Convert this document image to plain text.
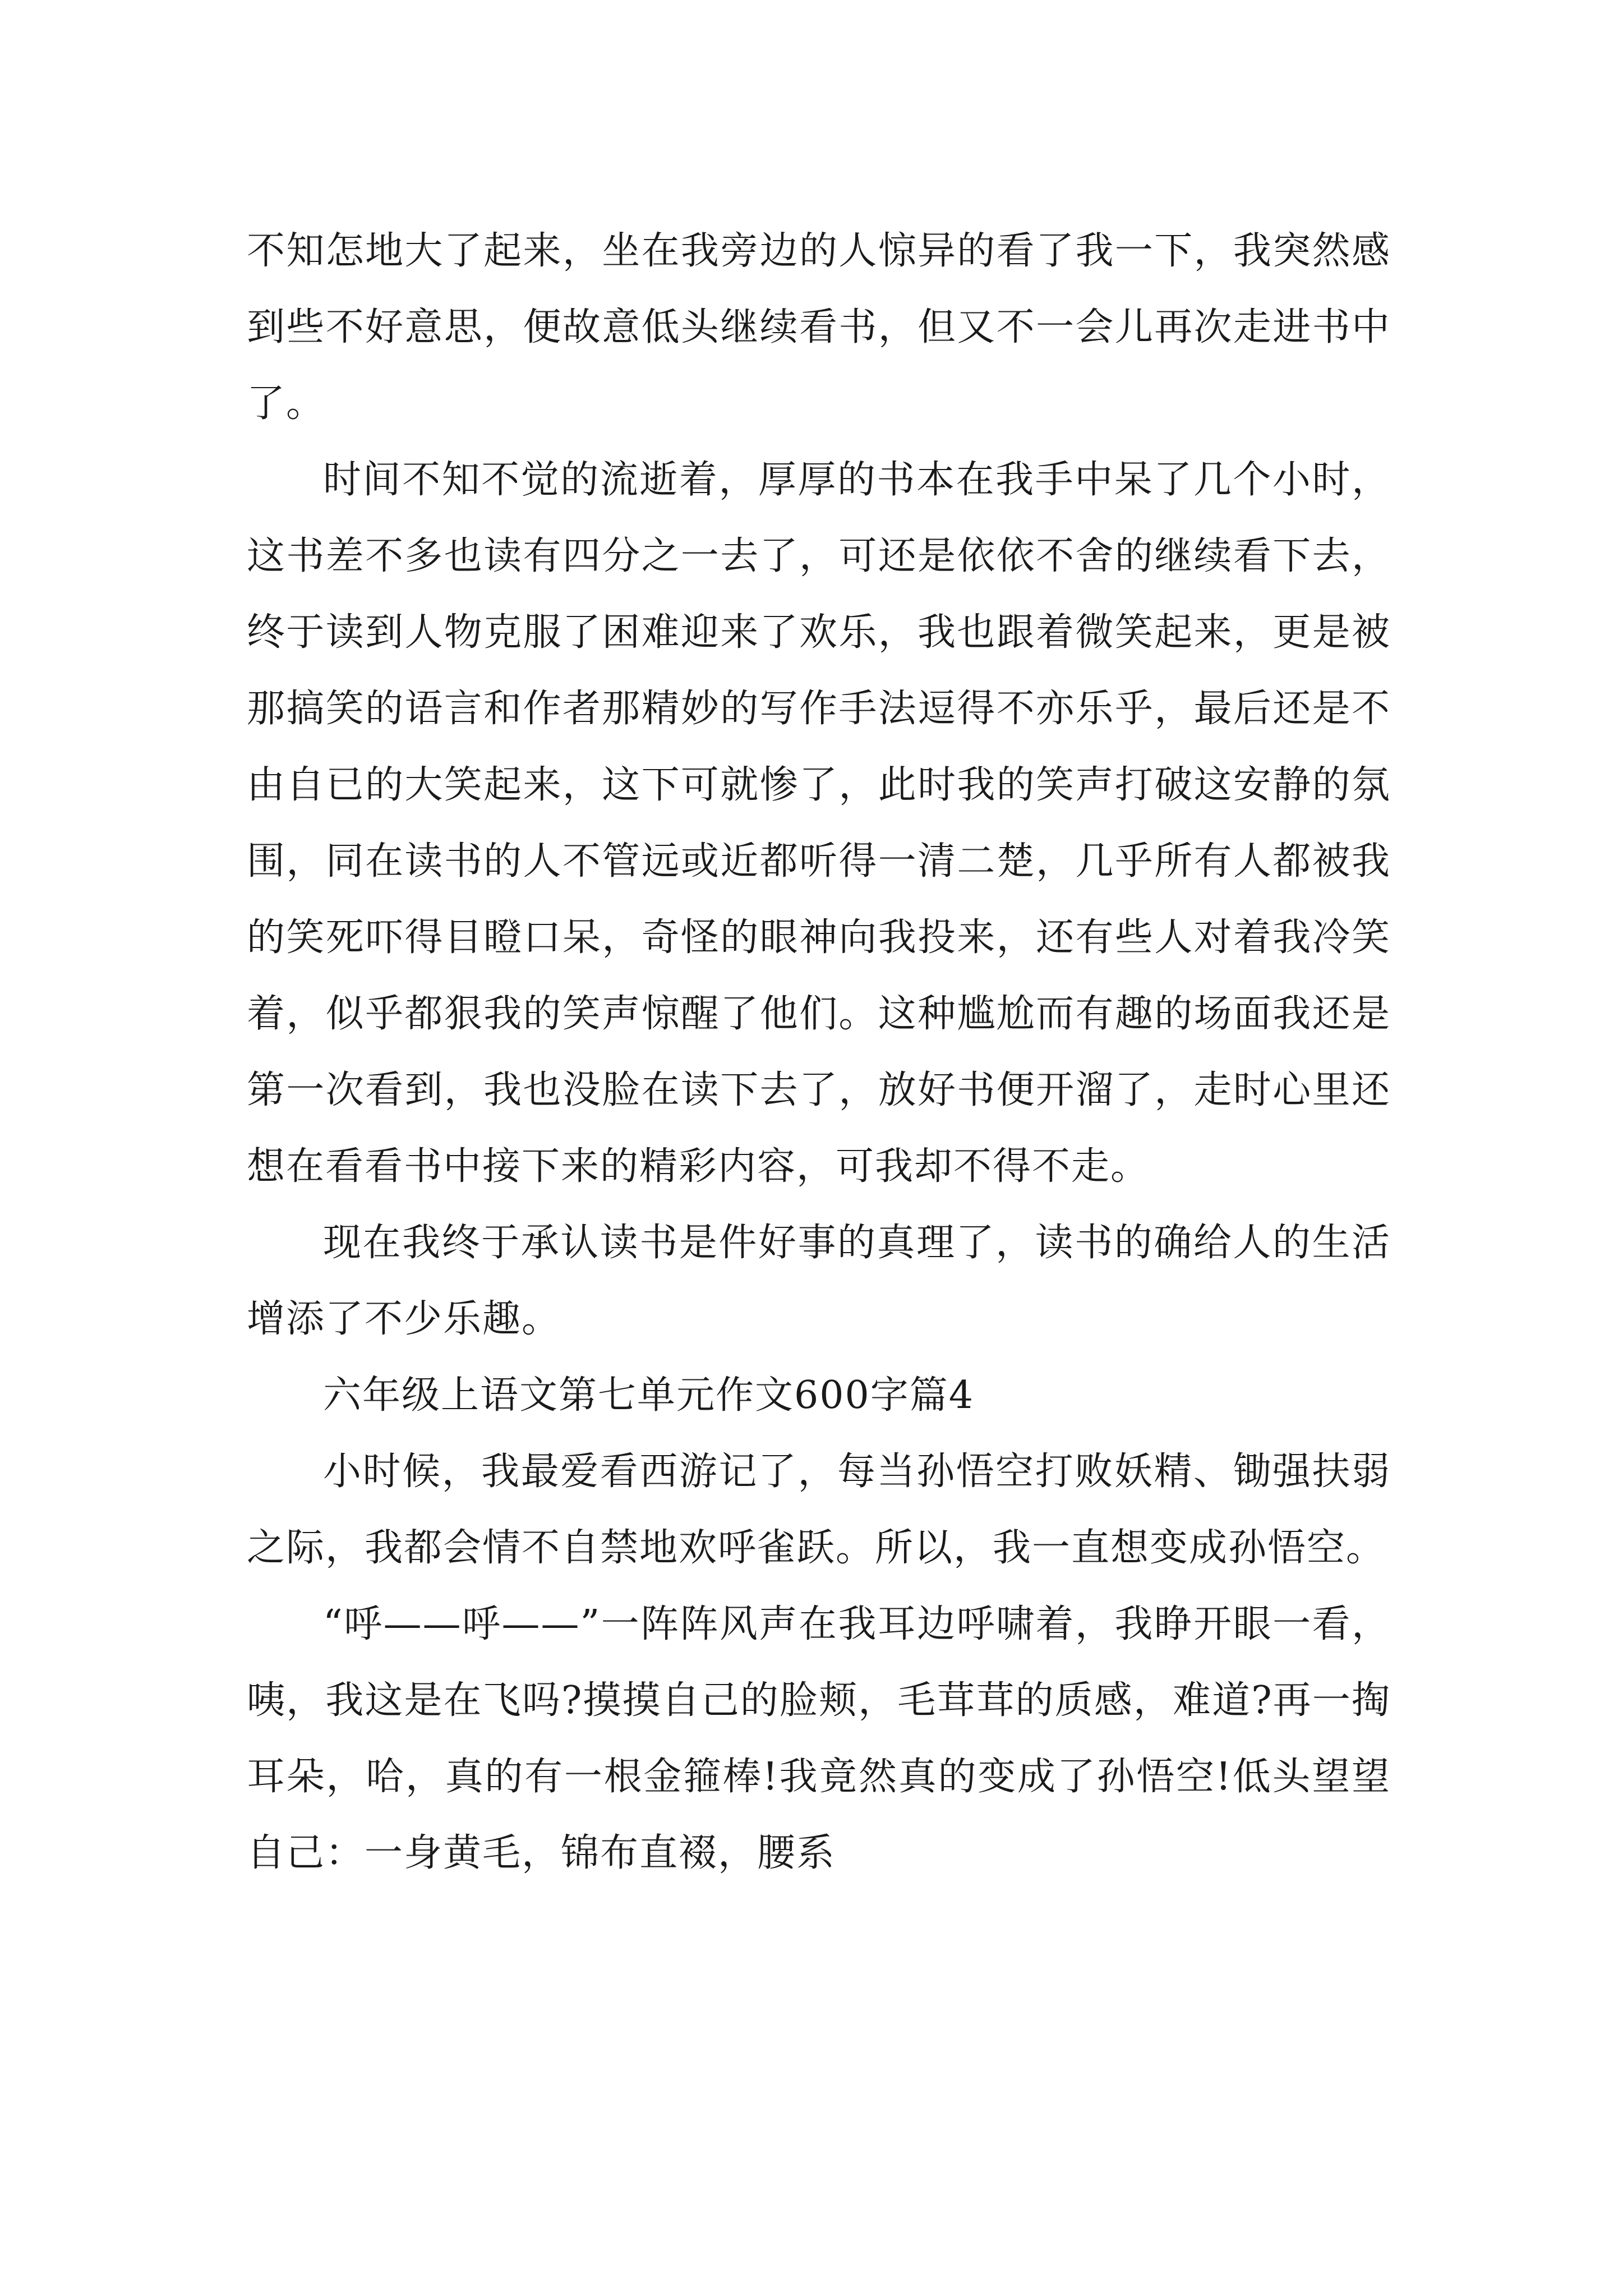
不知怎地大了起来，坐在我旁边的人惊异的看了我一下，我突然感到些不好意思，便故意低头继续看书，但又不一会儿再次走进书中了。

时间不知不觉的流逝着，厚厚的书本在我手中呆了几个小时，这书差不多也读有四分之一去了，可还是依依不舍的继续看下去，终于读到人物克服了困难迎来了欢乐，我也跟着微笑起来，更是被那搞笑的语言和作者那精妙的写作手法逗得不亦乐乎，最后还是不由自已的大笑起来，这下可就惨了，此时我的笑声打破这安静的氛围，同在读书的人不管远或近都听得一清二楚，几乎所有人都被我的笑死吓得目瞪口呆，奇怪的眼神向我投来，还有些人对着我冷笑着，似乎都狠我的笑声惊醒了他们。这种尴尬而有趣的场面我还是第一次看到，我也没脸在读下去了，放好书便开溜了，走时心里还想在看看书中接下来的精彩内容，可我却不得不走。

现在我终于承认读书是件好事的真理了，读书的确给人的生活增添了不少乐趣。

六年级上语文第七单元作文600字篇4

小时候，我最爱看西游记了，每当孙悟空打败妖精、锄强扶弱之际，我都会情不自禁地欢呼雀跃。所以，我一直想变成孙悟空。

“呼——呼——”一阵阵风声在我耳边呼啸着，我睁开眼一看，咦，我这是在飞吗?摸摸自己的脸颊，毛茸茸的质感，难道?再一掏耳朵，哈，真的有一根金箍棒!我竟然真的变成了孙悟空!低头望望自己：一身黄毛，锦布直裰，腰系
